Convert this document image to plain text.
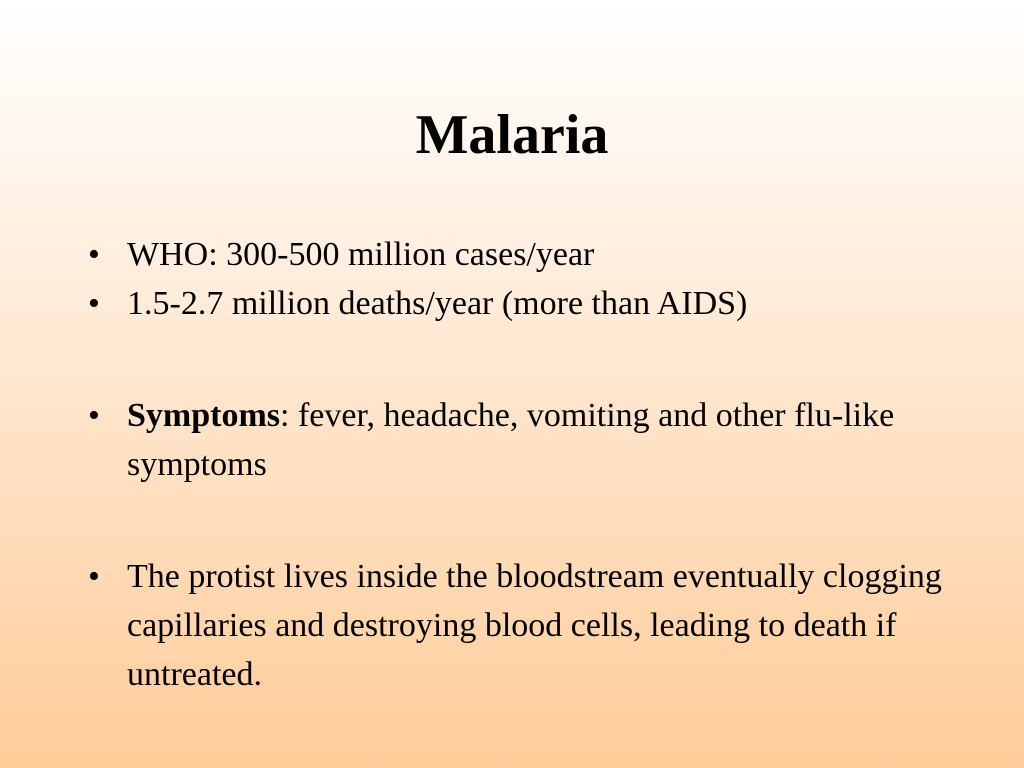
Malaria
• WHO: 300-500 million cases/year
• 1.5-2.7 million deaths/year (more than AIDS)
• Symptoms: fever, headache, vomiting and other flu-like symptoms
• The protist lives inside the bloodstream eventually clogging capillaries and destroying blood cells, leading to death if untreated.
